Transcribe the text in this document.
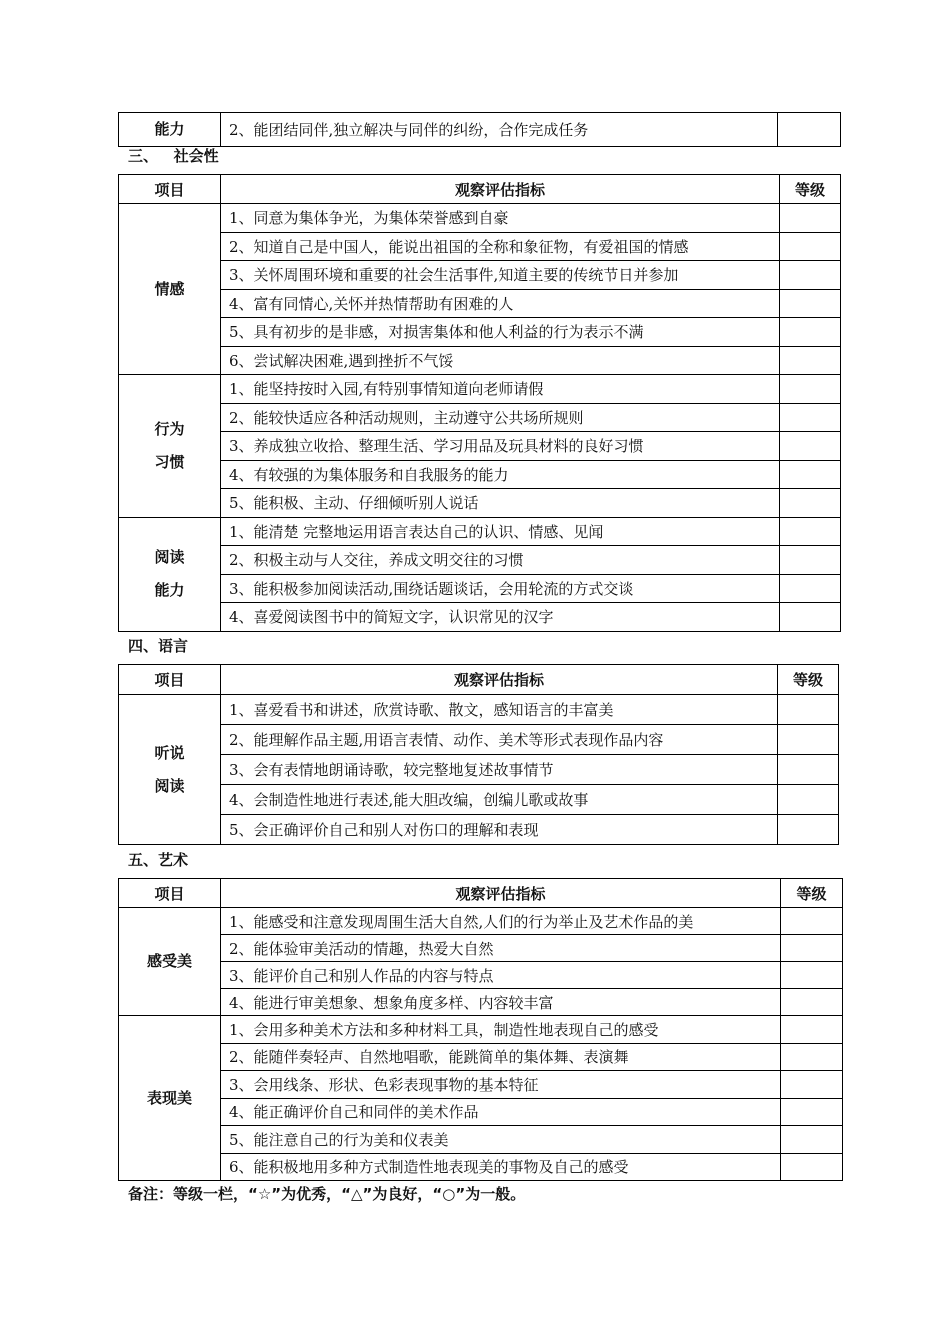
能力	2、能团结同伴,独立解决与同伴的纠纷，合作完成任务	
三、   社会性
项目	观察评估指标	等级

情感	1、同意为集体争光，为集体荣誉感到自豪	
	2、知道自己是中国人，能说出祖国的全称和象征物，有爱祖国的情感	
	3、关怀周围环境和重要的社会生活事件,知道主要的传统节日并参加	
	4、富有同情心,关怀并热情帮助有困难的人	
	5、具有初步的是非感，对损害集体和他人利益的行为表示不满	
	6、尝试解决困难,遇到挫折不气馁	

行为
习惯	1、能坚持按时入园,有特别事情知道向老师请假	
	2、能较快适应各种活动规则，主动遵守公共场所规则	
	3、养成独立收拾、整理生活、学习用品及玩具材料的良好习惯	
	4、有较强的为集体服务和自我服务的能力	
	5、能积极、主动、仔细倾听别人说话	

阅读
能力	1、能清楚 完整地运用语言表达自己的认识、情感、见闻	
	2、积极主动与人交往，养成文明交往的习惯	
	3、能积极参加阅读活动,围绕话题谈话，会用轮流的方式交谈	
	4、喜爱阅读图书中的简短文字，认识常见的汉字	
四、语言
项目	观察评估指标	等级

听说
阅读	1、喜爱看书和讲述，欣赏诗歌、散文，感知语言的丰富美	
	2、能理解作品主题,用语言表情、动作、美术等形式表现作品内容	
	3、会有表情地朗诵诗歌，较完整地复述故事情节	
	4、会制造性地进行表述,能大胆改编，创编儿歌或故事	
	5、会正确评价自己和别人对伤口的理解和表现	
五、艺术
项目	观察评估指标	等级

感受美	1、能感受和注意发现周围生活大自然,人们的行为举止及艺术作品的美	
	2、能体验审美活动的情趣，热爱大自然	
	3、能评价自己和别人作品的内容与特点	
	4、能进行审美想象、想象角度多样、内容较丰富	

表现美	1、会用多种美术方法和多种材料工具，制造性地表现自己的感受	
	2、能随伴奏轻声、自然地唱歌，能跳简单的集体舞、表演舞	
	3、会用线条、形状、色彩表现事物的基本特征	
	4、能正确评价自己和同伴的美术作品	
	5、能注意自己的行为美和仪表美	
	6、能积极地用多种方式制造性地表现美的事物及自己的感受	
备注：等级一栏，“☆”为优秀，“△”为良好，“○”为一般。
